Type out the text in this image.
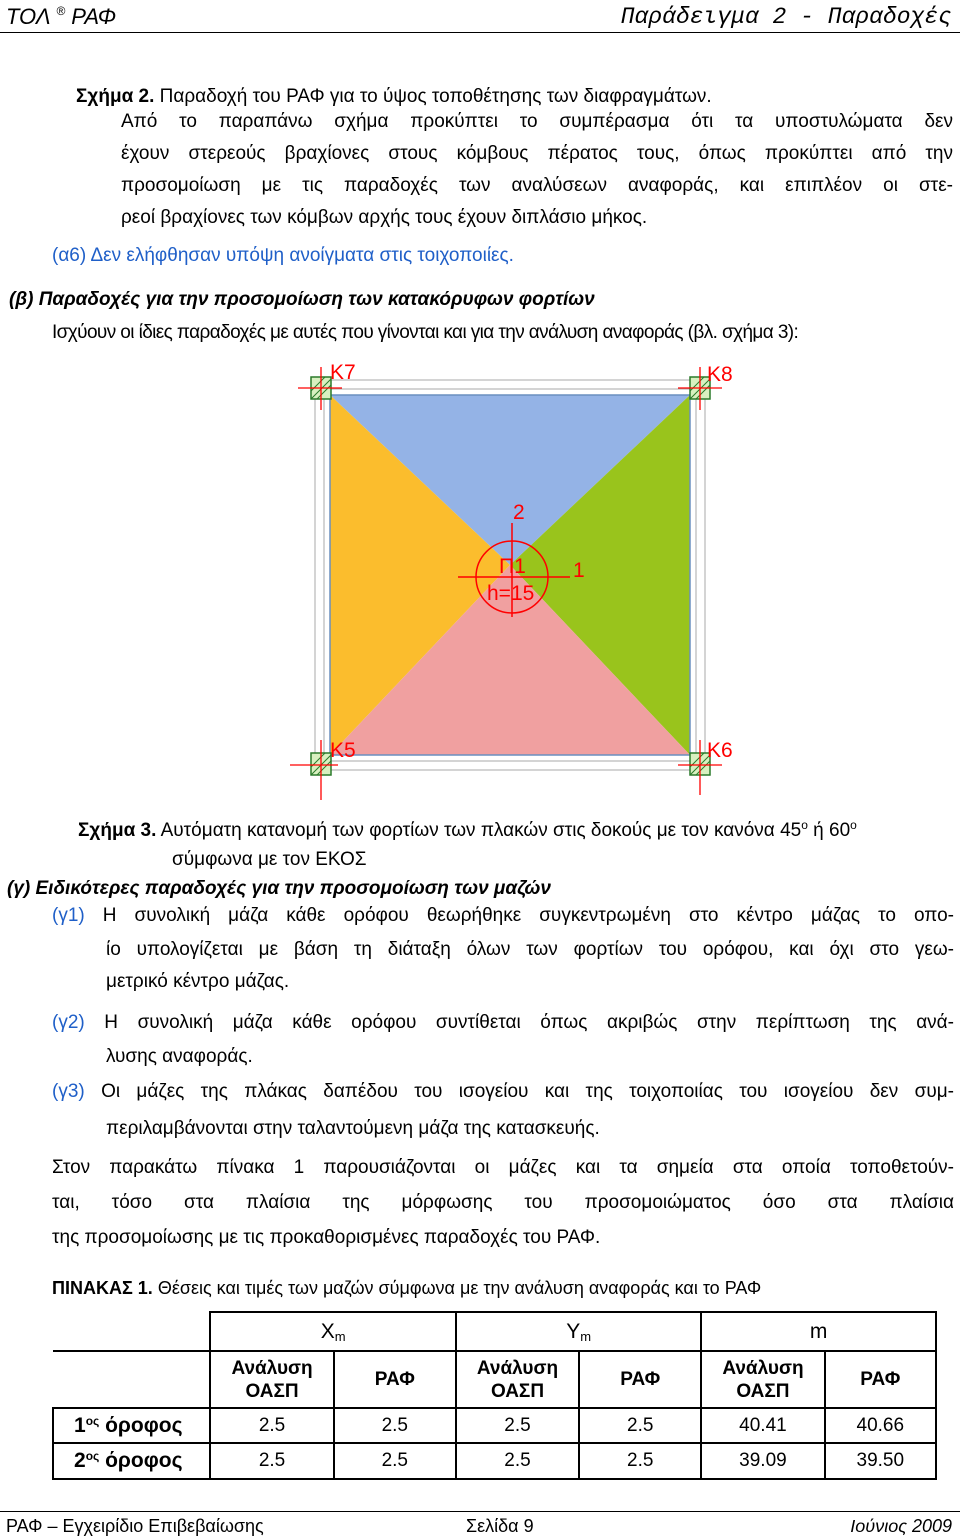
ΤΟΛ ® ΡΑΦ	Παράδειγμα 2 - Παραδοχές
Σχήμα 2. Παραδοχή του ΡΑΦ για το ύψος τοποθέτησης των διαφραγμάτων.
Από το παραπάνω σχήμα προκύπτει το συμπέρασμα ότι τα υποστυλώματα δεν
έχουν στερεούς βραχίονες στους κόμβους πέρατος τους, όπως προκύπτει από την
προσομοίωση με τις παραδοχές των αναλύσεων αναφοράς, και επιπλέον οι στε-
ρεοί βραχίονες των κόμβων αρχής τους έχουν διπλάσιο μήκος.
(α6) Δεν ελήφθησαν υπόψη ανοίγματα στις τοιχοποιίες.
(β) Παραδοχές για την προσομοίωση των κατακόρυφων φορτίων
Ισχύουν οι ίδιες παραδοχές με αυτές που γίνονται και για την ανάλυση αναφοράς (βλ. σχήμα 3):
Κ7	Κ8
Κ5	Κ6
2
1
Π1
h=15
Σχήμα 3. Αυτόματη κατανομή των φορτίων των πλακών στις δοκούς με τον κανόνα $45^o$ ή $60^o$
σύμφωνα με τον ΕΚΟΣ
(γ) Ειδικότερες παραδοχές για την προσομοίωση των μαζών
(γ1) Η συνολική μάζα κάθε ορόφου θεωρήθηκε συγκεντρωμένη στο κέντρο μάζας το οπο-
ίο υπολογίζεται με βάση τη διάταξη όλων των φορτίων του ορόφου, και όχι στο γεω-
μετρικό κέντρο μάζας.
(γ2) Η συνολική μάζα κάθε ορόφου συντίθεται όπως ακριβώς στην περίπτωση της ανά-
λυσης αναφοράς.
(γ3) Οι μάζες της πλάκας δαπέδου του ισογείου και της τοιχοποιίας του ισογείου δεν συμ-
περιλαμβάνονται στην ταλαντούμενη μάζα της κατασκευής.
Στον παρακάτω πίνακα 1 παρουσιάζονται οι μάζες και τα σημεία στα οποία τοποθετούν-
ται, τόσο στα πλαίσια της μόρφωσης του προσομοιώματος όσο στα πλαίσια
της προσομοίωσης με τις προκαθορισμένες παραδοχές του ΡΑΦ.
ΠΙΝΑΚΑΣ 1. Θέσεις και τιμές των μαζών σύμφωνα με την ανάλυση αναφοράς και το ΡΑΦ
	$X_m$		$Y_m$		m	
	Ανάλυση ΟΑΣΠ	ΡΑΦ	Ανάλυση ΟΑΣΠ	ΡΑΦ	Ανάλυση ΟΑΣΠ	ΡΑΦ
$1^{o\varsigma}$ όροφος	2.5	2.5	2.5	2.5	40.41	40.66
$2^{o\varsigma}$ όροφος	2.5	2.5	2.5	2.5	39.09	39.50
ΡΑΦ – Εγχειρίδιο Επιβεβαίωσης	Σελίδα 9	Ιούνιος 2009
